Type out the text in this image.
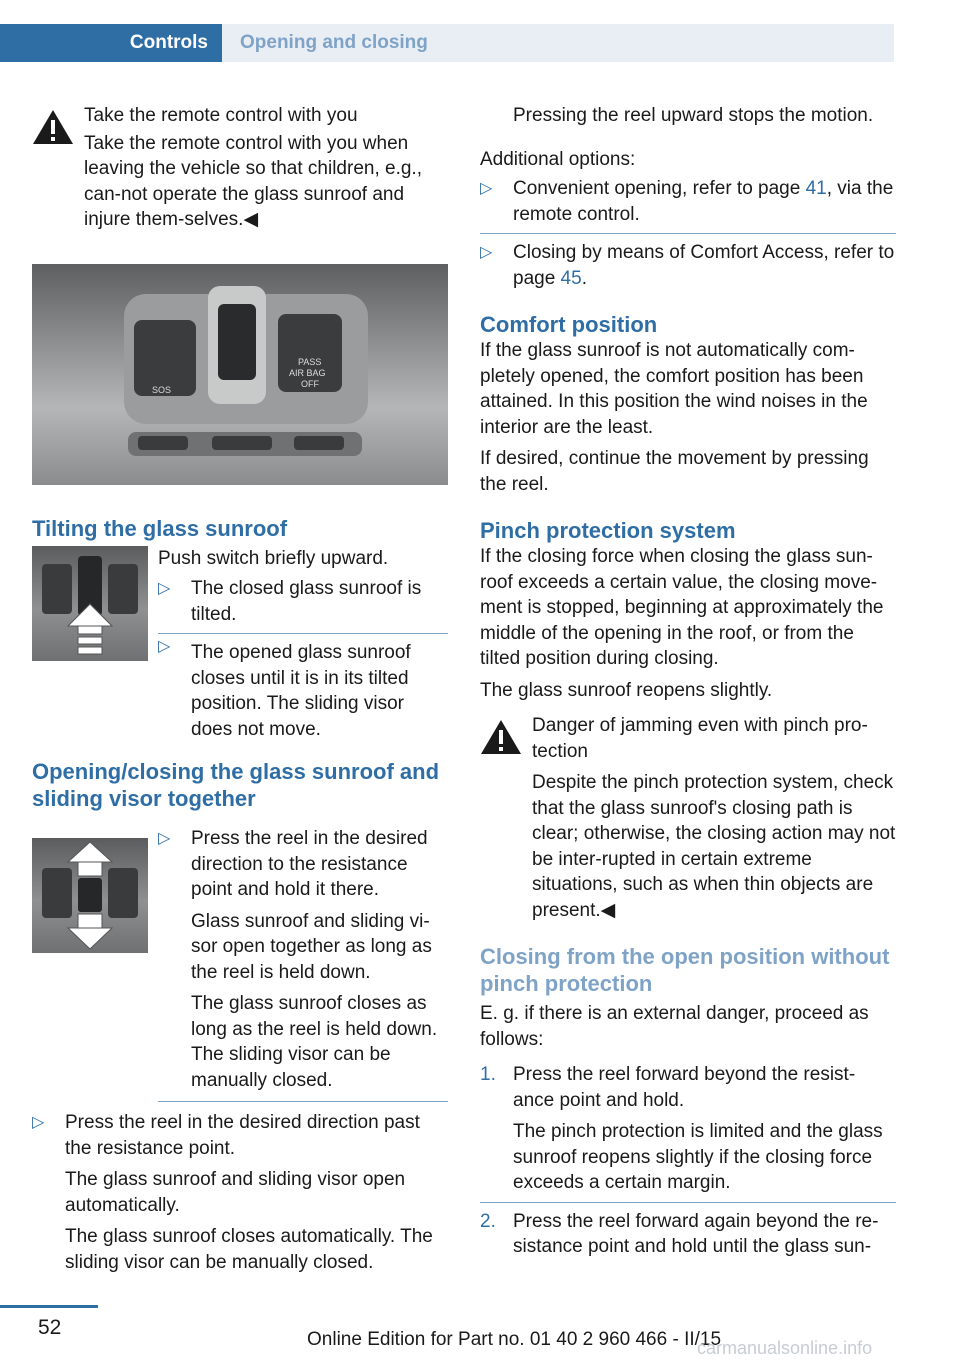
Controls	Opening and closing

Take the remote control with you

Take the remote control with you when

leaving the vehicle so that children, e.g., can-not operate the glass sunroof and injure them-selves.◀

SOS
PASS
AIR BAG
OFF
Tilting the glass sunroof

Push switch briefly upward.

▷ The closed glass sunroof is tilted.
▷ The opened glass sunroof closes until it is in its tilted position. The sliding visor does not move.
Opening/closing the glass sunroof and sliding visor together
▷ Press the reel in the desired direction to the resistance point and hold it there.

Glass sunroof and sliding vi-sor open together as long as the reel is held down.

The glass sunroof closes as long as the reel is held down. The sliding visor can be manually closed.

▷ Press the reel in the desired direction past the resistance point.

The glass sunroof and sliding visor open automatically.

The glass sunroof closes automatically. The sliding visor can be manually closed.

Pressing the reel upward stops the motion.

Additional options:

▷ Convenient opening, refer to page 41, via the remote control.
▷ Closing by means of Comfort Access, refer to page 45.
Comfort position

If the glass sunroof is not automatically com-pletely opened, the comfort position has been attained. In this position the wind noises in the interior are the least.

If desired, continue the movement by pressing the reel.

Pinch protection system

If the closing force when closing the glass sun-roof exceeds a certain value, the closing move-ment is stopped, beginning at approximately the middle of the opening in the roof, or from the tilted position during closing.

The glass sunroof reopens slightly.

Danger of jamming even with pinch pro-tection

Despite the pinch protection system, check that the glass sunroof's closing path is clear; otherwise, the closing action may not be inter-rupted in certain extreme situations, such as when thin objects are present.◀

Closing from the open position without pinch protection

E. g. if there is an external danger, proceed as follows:

1. Press the reel forward beyond the resist-ance point and hold.

The pinch protection is limited and the glass sunroof reopens slightly if the closing force exceeds a certain margin.

2. Press the reel forward again beyond the re-sistance point and hold until the glass sun-

52
Online Edition for Part no. 01 40 2 960 466 - II/15
carmanualsonline.info
